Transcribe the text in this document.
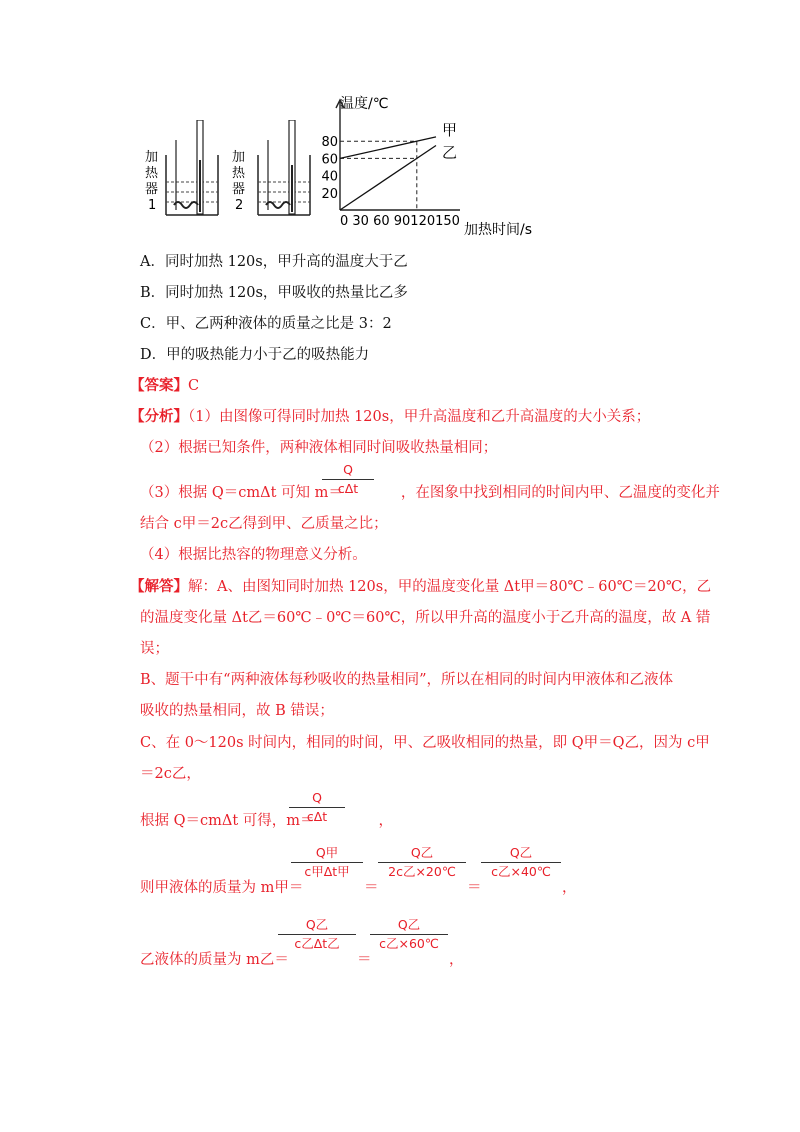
加
热
器
1
加
热
器
2
温度/℃
加热时间/s
0 30 60 90120150
80
60
40
20
甲
乙
A．同时加热 120s，甲升高的温度大于乙
B．同时加热 120s，甲吸收的热量比乙多
C．甲、乙两种液体的质量之比是 3：2
D．甲的吸热能力小于乙的吸热能力
【答案】C
【分析】（1）由图像可得同时加热 120s，甲升高温度和乙升高温度的大小关系；
（2）根据已知条件，两种液体相同时间吸收热量相同；
（3）根据 Q＝cmΔt 可知 m＝	，在图象中找到相同的时间内甲、乙温度的变化并
Q
cΔt
结合 c甲＝2c乙得到甲、乙质量之比；
（4）根据比热容的物理意义分析。
【解答】解：A、由图知同时加热 120s，甲的温度变化量 Δt甲＝80℃﹣60℃＝20℃，乙
的温度变化量 Δt乙＝60℃﹣0℃＝60℃，所以甲升高的温度小于乙升高的温度，故 A 错
误；
B、题干中有“两种液体每秒吸收的热量相同”，所以在相同的时间内甲液体和乙液体
吸收的热量相同，故 B 错误；
C、在 0～120s 时间内，相同的时间，甲、乙吸收相同的热量，即 Q甲＝Q乙，因为 c甲
＝2c乙，
根据 Q＝cmΔt 可得，m＝	，
Q
cΔt
则甲液体的质量为 m甲＝
Q甲
c甲Δt甲
＝
Q乙
2c乙×20℃
＝
Q乙
c乙×40℃
，
乙液体的质量为 m乙＝
Q乙
c乙Δt乙
＝
Q乙
c乙×60℃
，
